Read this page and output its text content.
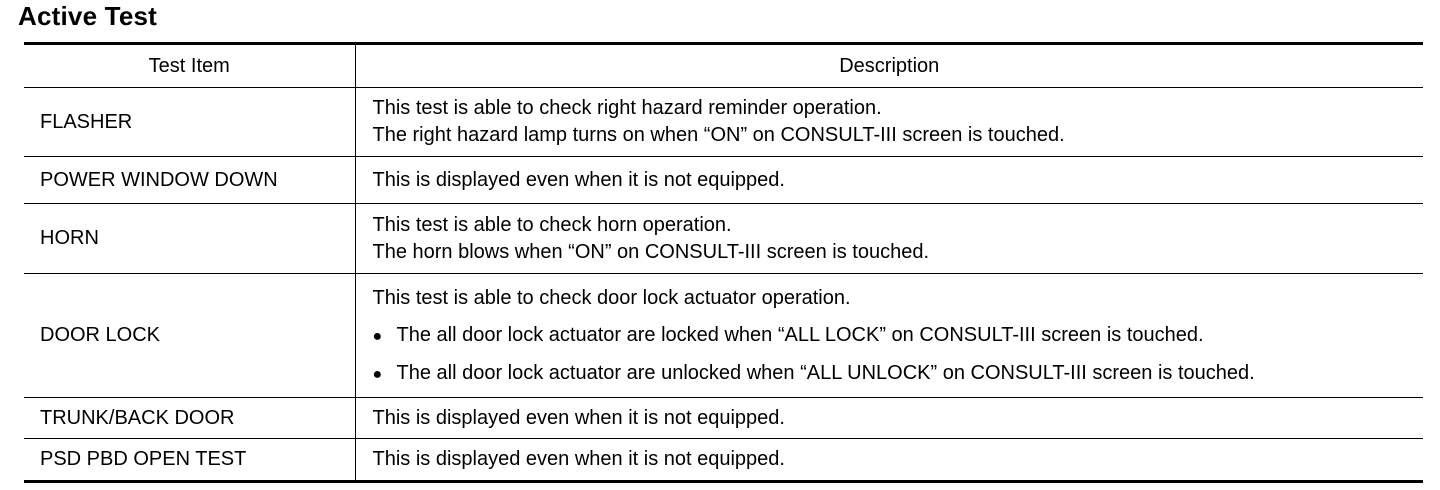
Active Test
Test Item	Description
FLASHER	This test is able to check right hazard reminder operation.
The right hazard lamp turns on when “ON” on CONSULT-III screen is touched.

POWER WINDOW DOWN	This is displayed even when it is not equipped.

HORN	This test is able to check horn operation.
The horn blows when “ON” on CONSULT-III screen is touched.

DOOR LOCK	This test is able to check door lock actuator operation.
● The all door lock actuator are locked when “ALL LOCK” on CONSULT-III screen is touched.
● The all door lock actuator are unlocked when “ALL UNLOCK” on CONSULT-III screen is touched.

TRUNK/BACK DOOR	This is displayed even when it is not equipped.

PSD PBD OPEN TEST	This is displayed even when it is not equipped.
